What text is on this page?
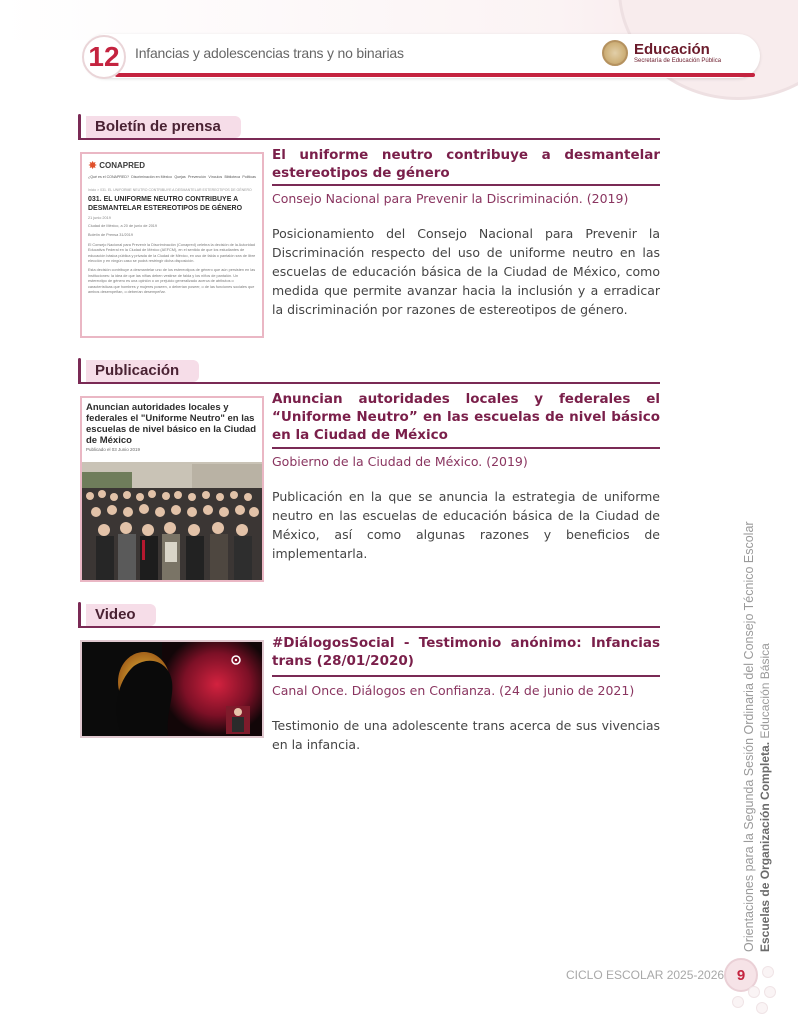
12 Infancias y adolescencias trans y no binarias	Educación
Secretaría de Educación Pública
Boletín de prensa
✸ CONAPRED
¿Qué es el CONAPRED? Discriminación en México Quejas Prevención Vínculos Biblioteca Políticas
Inicio > 031. EL UNIFORME NEUTRO CONTRIBUYE A DESMANTELAR ESTEREOTIPOS DE GÉNERO
031. EL UNIFORME NEUTRO CONTRIBUYE A DESMANTELAR ESTEREOTIPOS DE GÉNERO
21 junio 2019
Ciudad de México, a 20 de junio de 2019
Boletín de Prensa 31/2019
El Consejo Nacional para Prevenir la Discriminación (Conapred) celebra la decisión de la Autoridad Educativa Federal en la Ciudad de México (AEFCM), en el sentido de que los estudiantes de educación básica pública y privada de la Ciudad de México, en uso de falda o pantalón sea de libre elección y en ningún caso se podrá restringir dicha disposición.
Esta decisión contribuye a desmantelar uno de los estereotipos de género que aún persisten en las instituciones: la idea de que las niñas deben vestirse de falda y los niños de pantalón. Un estereotipo de género es una opinión o un prejuicio generalizado acerca de atributos o características que hombres y mujeres poseen, o deberían poseer, o de las funciones sociales que ambos desempeñan, o deberían desempeñar.
El uniforme neutro contribuye a desmantelar estereotipos de género
Consejo Nacional para Prevenir la Discriminación. (2019)
Posicionamiento del Consejo Nacional para Prevenir la Discriminación respecto del uso de uniforme neutro en las escuelas de educación básica de la Ciudad de México, como medida que permite avanzar hacia la inclusión y a erradicar la discriminación por razones de estereotipos de género.
Publicación
Anuncian autoridades locales y federales el "Uniforme Neutro" en las escuelas de nivel básico en la Ciudad de México
Publicado el 03 Junio 2019
Anuncian autoridades locales y federales el “Uniforme Neutro” en las escuelas de nivel básico en la Ciudad de México
Gobierno de la Ciudad de México. (2019)
Publicación en la que se anuncia la estrategia de uniforme neutro en las escuelas de educación básica de la Ciudad de México, así como algunas razones y beneficios de implementarla.
Video
#DiálogosSocial - Testimonio anónimo: Infancias trans (28/01/2020)
Canal Once. Diálogos en Confianza. (24 de junio de 2021)
Testimonio de una adolescente trans acerca de sus vivencias en la infancia.	Orientaciones para la Segunda Sesión Ordinaria del Consejo Técnico Escolar Escuelas de Organización Completa. Educación Básica
CICLO ESCOLAR 2025-2026 9
